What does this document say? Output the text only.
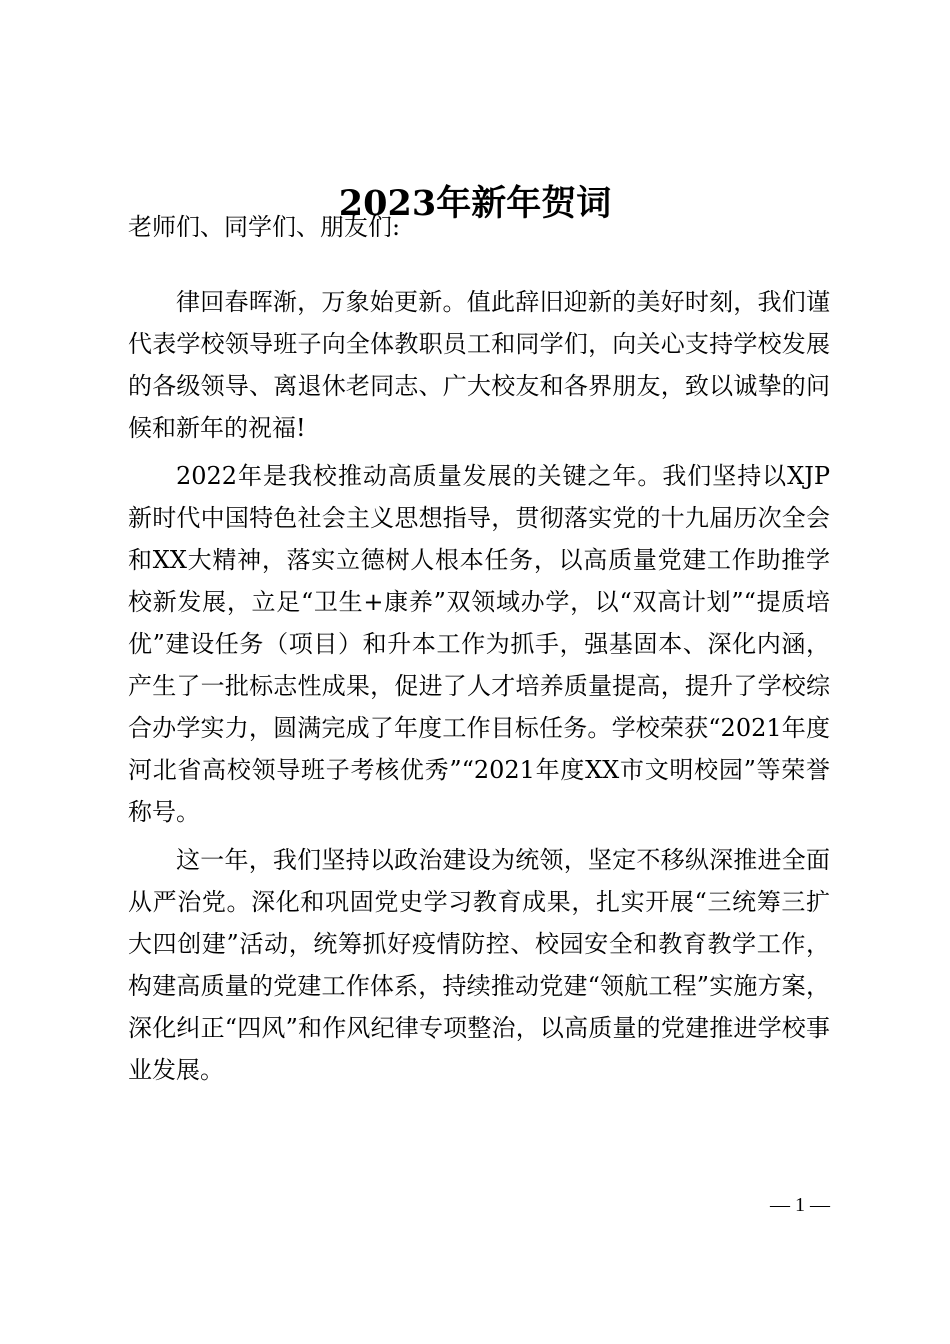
2023年新年贺词

老师们、同学们、朋友们:

律回春晖渐，万象始更新。值此辞旧迎新的美好时刻，我们谨代表学校领导班子向全体教职员工和同学们，向关心支持学校发展的各级领导、离退休老同志、广大校友和各界朋友，致以诚挚的问候和新年的祝福!

2022年是我校推动高质量发展的关键之年。我们坚持以XJP新时代中国特色社会主义思想指导，贯彻落实党的十九届历次全会和XX大精神，落实立德树人根本任务，以高质量党建工作助推学校新发展，立足“卫生+康养”双领域办学，以“双高计划”“提质培优”建设任务（项目）和升本工作为抓手，强基固本、深化内涵，产生了一批标志性成果，促进了人才培养质量提高，提升了学校综合办学实力，圆满完成了年度工作目标任务。学校荣获“2021年度河北省高校领导班子考核优秀”“2021年度XX市文明校园”等荣誉称号。

这一年，我们坚持以政治建设为统领，坚定不移纵深推进全面从严治党。深化和巩固党史学习教育成果，扎实开展“三统筹三扩大四创建”活动，统筹抓好疫情防控、校园安全和教育教学工作，构建高质量的党建工作体系，持续推动党建“领航工程”实施方案，深化纠正“四风”和作风纪律专项整治，以高质量的党建推进学校事业发展。

— 1 —
